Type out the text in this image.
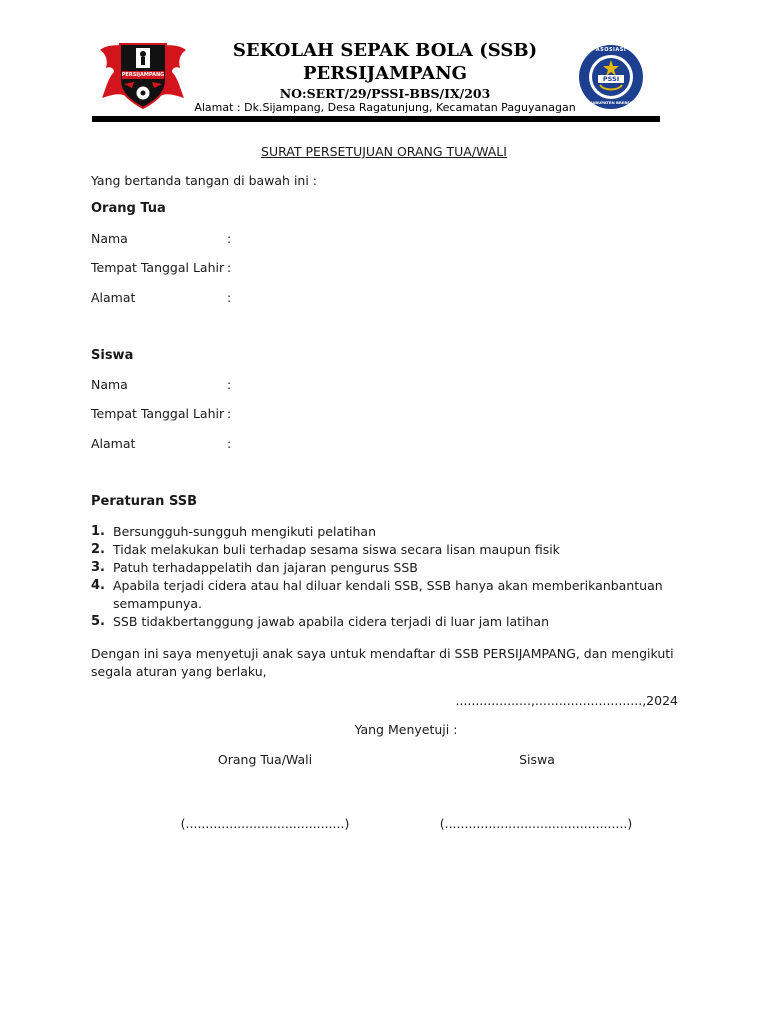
PERSIJAMPANG
SEKOLAH SEPAK BOLA (SSB)
PERSIJAMPANG
NO:SERT/29/PSSI-BBS/IX/203
Alamat : Dk.Sijampang, Desa Ragatunjung, Kecamatan Paguyanagan
PSSI
ASOSIASI
KABUPATEN BREBES
SURAT PERSETUJUAN ORANG TUA/WALI
Yang bertanda tangan di bawah ini :
Orang Tua
Nama	:
Tempat Tanggal Lahir :
Alamat	:
Siswa
Nama	:
Tempat Tanggal Lahir :
Alamat	:
Peraturan SSB
1. Bersungguh-sungguh mengikuti pelatihan
2. Tidak melakukan buli terhadap sesama siswa secara lisan maupun fisik
3. Patuh terhadappelatih dan jajaran pengurus SSB
4. Apabila terjadi cidera atau hal diluar kendali SSB, SSB hanya akan memberikanbantuan semampunya.
5. SSB tidakbertanggung jawab apabila cidera terjadi di luar jam latihan
Dengan ini saya menyetuji anak saya untuk mendaftar di SSB PERSIJAMPANG, dan mengikuti segala aturan yang berlaku,
...................,...........................,2024
Yang Menyetuji :
Orang Tua/Wali	Siswa
(........................................)	(..............................................)
